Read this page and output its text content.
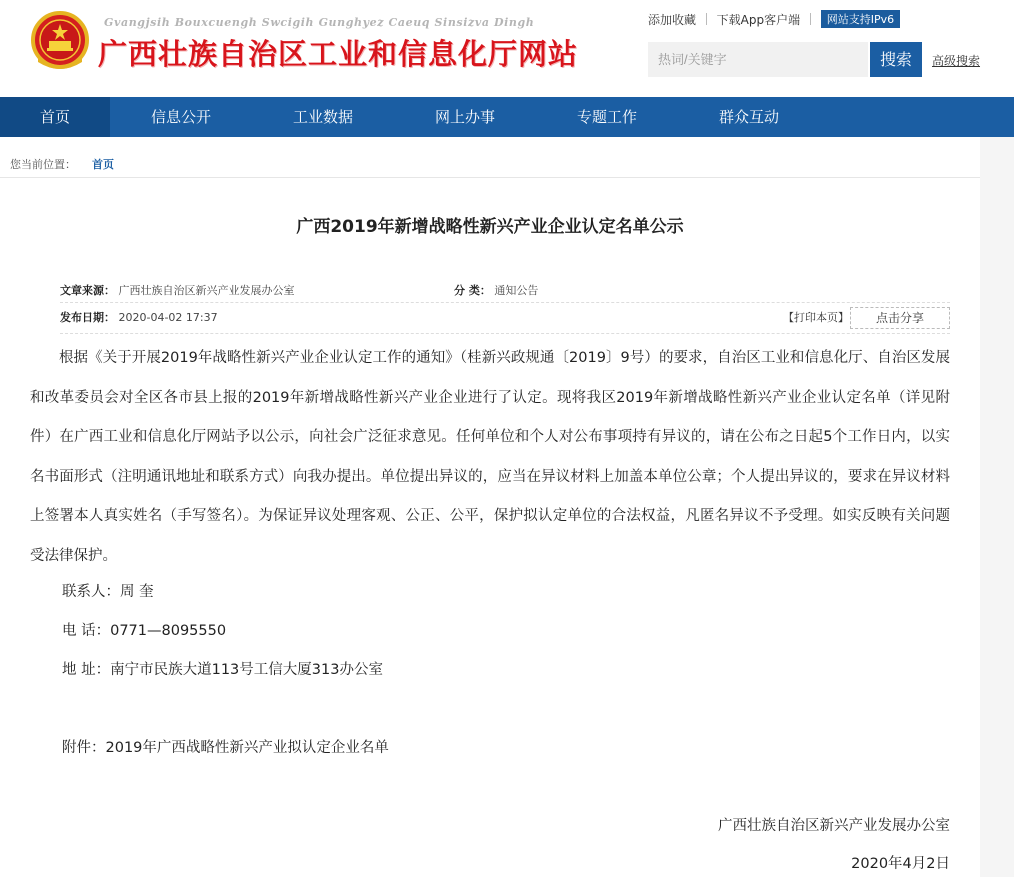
Gvangjsih Bouxcuengh Swcigih Gunghyez Caeuq Sinsizva Dingh
广西壮族自治区工业和信息化厅网站
添加收藏 下载App客户端 网站支持IPv6
热词/关键字	搜索	高级搜索
首页	信息公开	工业数据	网上办事	专题工作	群众互动
您当前位置： 首页
广西2019年新增战略性新兴产业企业认定名单公示
文章来源： 广西壮族自治区新兴产业发展办公室	分 类： 通知公告
发布日期： 2020-04-02 17:37	【打印本页】	点击分享

根据《关于开展2019年战略性新兴产业企业认定工作的通知》（桂新兴政规通〔2019〕9号）的要求，自治区工业和信息化厅、自治区发展和改革委员会对全区各市县上报的2019年新增战略性新兴产业企业进行了认定。现将我区2019年新增战略性新兴产业企业认定名单（详见附件）在广西工业和信息化厅网站予以公示，向社会广泛征求意见。任何单位和个人对公布事项持有异议的，请在公布之日起5个工作日内，以实名书面形式（注明通讯地址和联系方式）向我办提出。单位提出异议的，应当在异议材料上加盖本单位公章；个人提出异议的，要求在异议材料上签署本人真实姓名（手写签名）。为保证异议处理客观、公正、公平，保护拟认定单位的合法权益，凡匿名异议不予受理。如实反映有关问题受法律保护。

联系人：周 奎
电 话：0771—8095550
地 址：南宁市民族大道113号工信大厦313办公室
附件：2019年广西战略性新兴产业拟认定企业名单
广西壮族自治区新兴产业发展办公室
2020年4月2日
